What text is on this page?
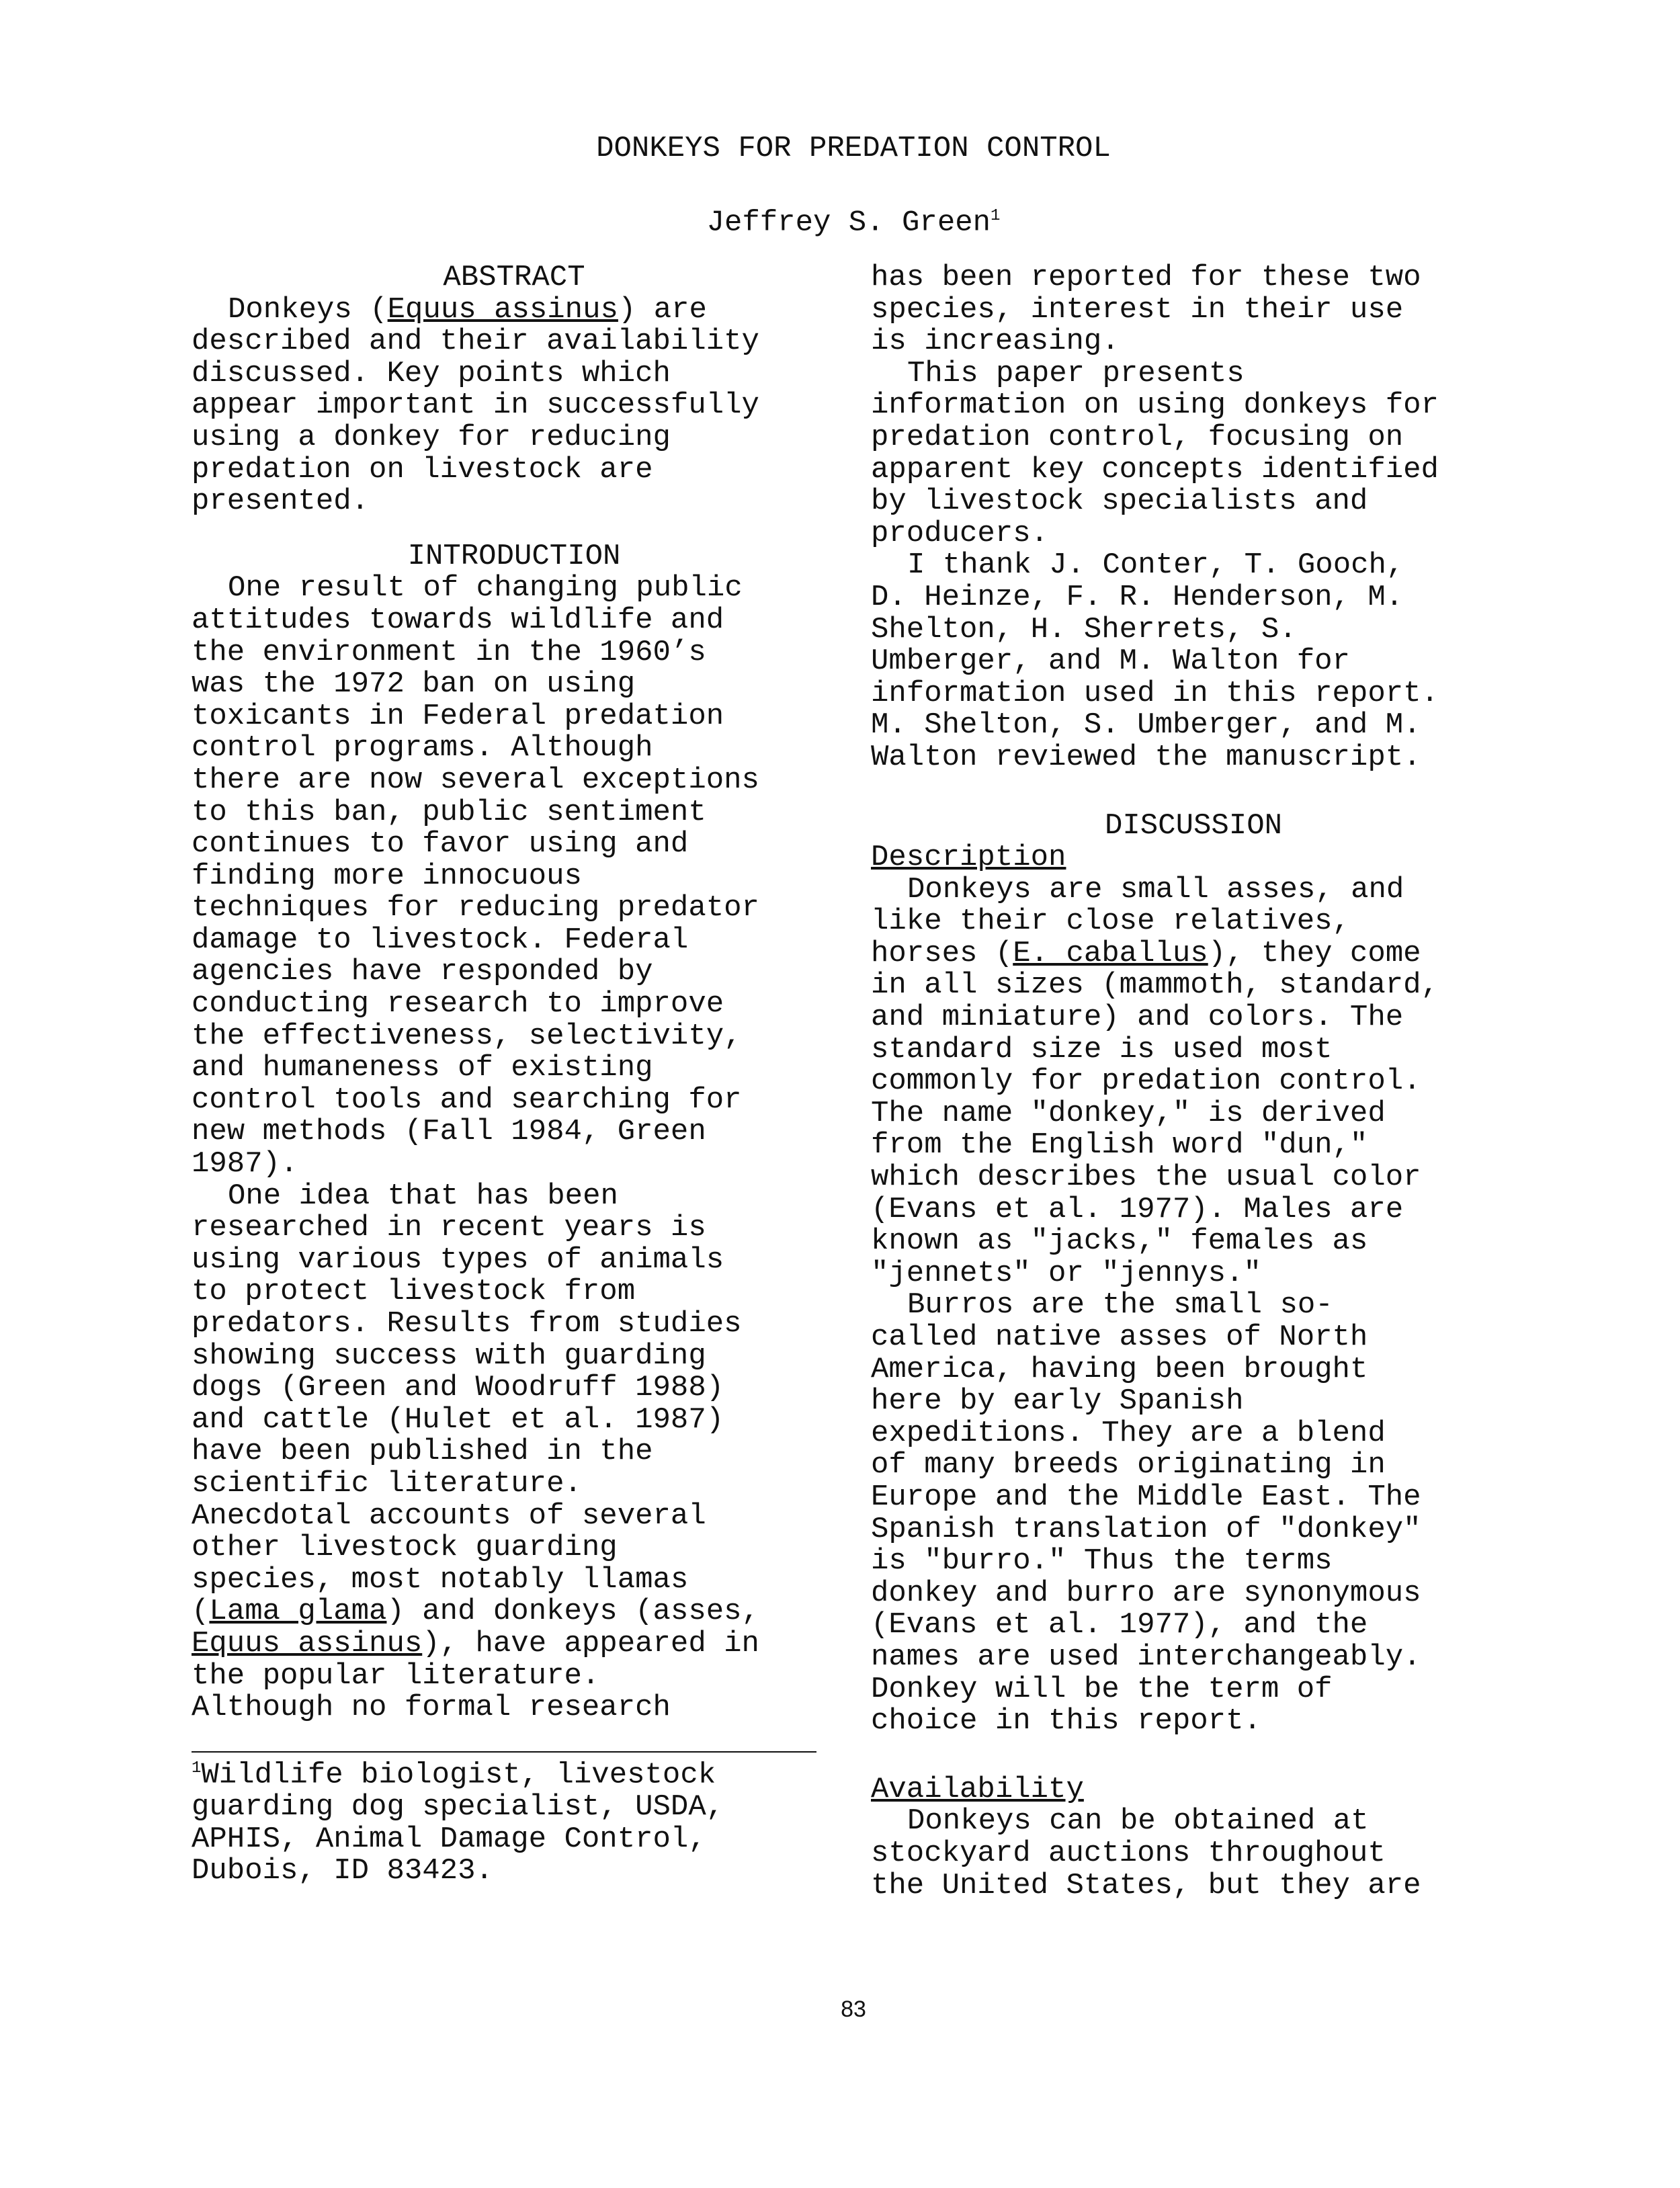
DONKEYS FOR PREDATION CONTROL
Jeffrey S. Green$^1$

ABSTRACT

Donkeys (Equus assinus) are
described and their availability
discussed. Key points which
appear important in successfully
using a donkey for reducing
predation on livestock are
presented.

INTRODUCTION

One result of changing public
attitudes towards wildlife and
the environment in the 1960’s
was the 1972 ban on using
toxicants in Federal predation
control programs. Although
there are now several exceptions
to this ban, public sentiment
continues to favor using and
finding more innocuous
techniques for reducing predator
damage to livestock. Federal
agencies have responded by
conducting research to improve
the effectiveness, selectivity,
and humaneness of existing
control tools and searching for
new methods (Fall 1984, Green
1987).

One idea that has been
researched in recent years is
using various types of animals
to protect livestock from
predators. Results from studies
showing success with guarding
dogs (Green and Woodruff 1988)
and cattle (Hulet et al. 1987)
have been published in the
scientific literature.
Anecdotal accounts of several
other livestock guarding
species, most notably llamas
(Lama glama) and donkeys (asses,
Equus assinus), have appeared in
the popular literature.
Although no formal research

$^1$Wildlife biologist, livestock
guarding dog specialist, USDA,
APHIS, Animal Damage Control,
Dubois, ID 83423.

has been reported for these two
species, interest in their use
is increasing.

This paper presents
information on using donkeys for
predation control, focusing on
apparent key concepts identified
by livestock specialists and
producers.

I thank J. Conter, T. Gooch,
D. Heinze, F. R. Henderson, M.
Shelton, H. Sherrets, S.
Umberger, and M. Walton for
information used in this report.
M. Shelton, S. Umberger, and M.
Walton reviewed the manuscript.

DISCUSSION

Description

Donkeys are small asses, and
like their close relatives,
horses (E. caballus), they come
in all sizes (mammoth, standard,
and miniature) and colors. The
standard size is used most
commonly for predation control.
The name "donkey," is derived
from the English word "dun,"
which describes the usual color
(Evans et al. 1977). Males are
known as "jacks," females as
"jennets" or "jennys."

Burros are the small so-
called native asses of North
America, having been brought
here by early Spanish
expeditions. They are a blend
of many breeds originating in
Europe and the Middle East. The
Spanish translation of "donkey"
is "burro." Thus the terms
donkey and burro are synonymous
(Evans et al. 1977), and the
names are used interchangeably.
Donkey will be the term of
choice in this report.

Availability

Donkeys can be obtained at
stockyard auctions throughout
the United States, but they are

83
